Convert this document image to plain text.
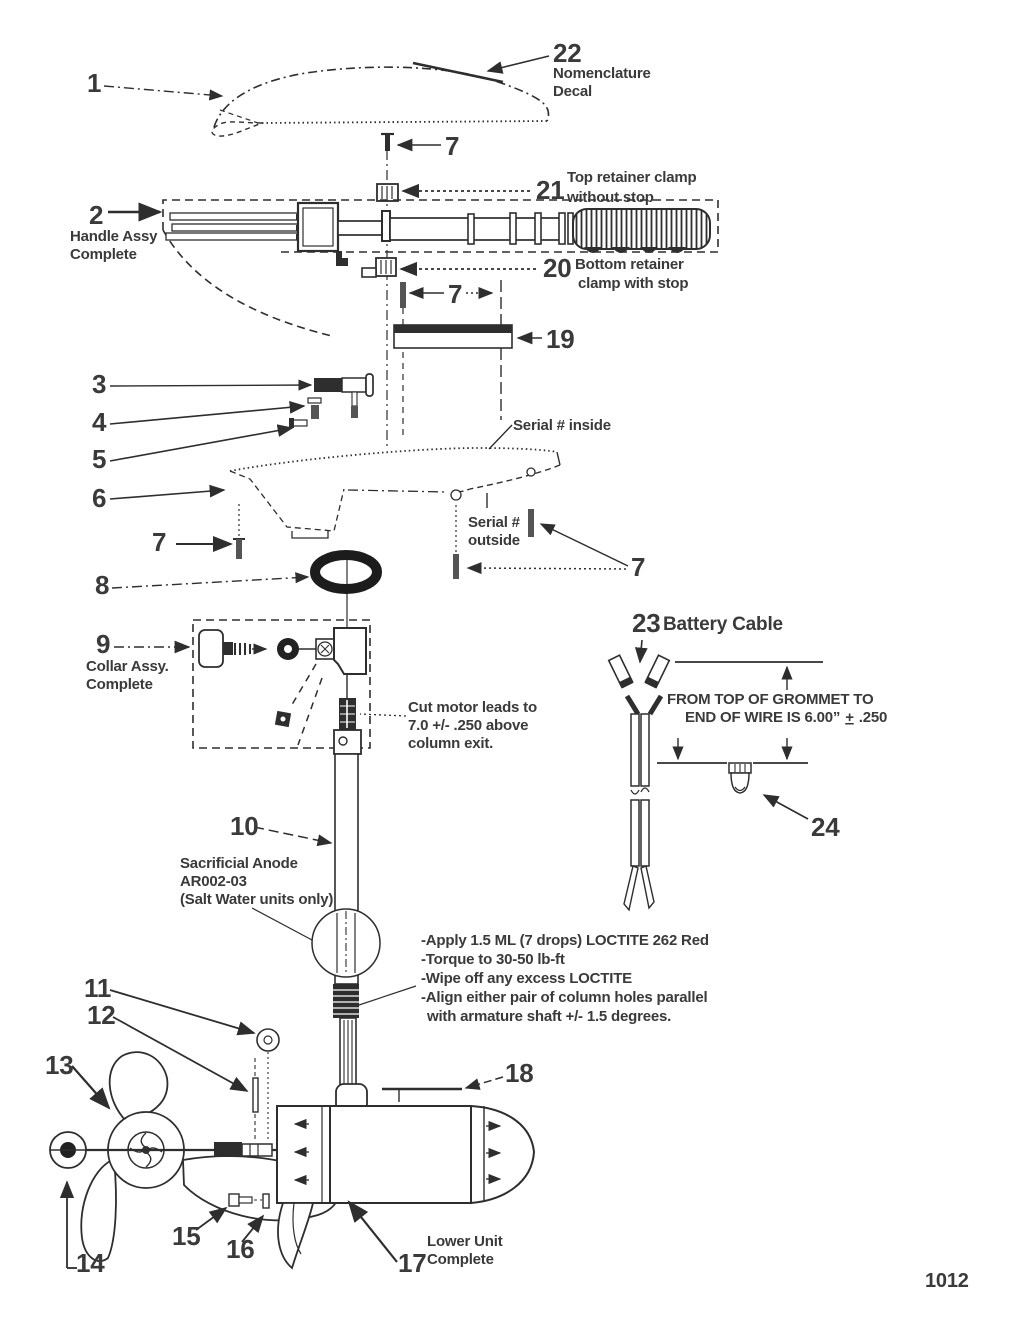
1
22
Nomenclature
Decal
7
21 Top retainer clamp
without stop
2
Handle Assy
Complete	20 Bottom retainer
clamp with stop
7
19
3
4
5
6
Serial # inside
7
Serial #
outside
7
8
23 Battery Cable
9
Collar Assy.
Complete
Cut motor leads to
7.0 +/- .250 above
column exit.
FROM TOP OF GROMMET TO
END OF WIRE IS 6.00” + .250
24
10
Sacrificial Anode
AR002-03
(Salt Water units only)
-Apply 1.5 ML (7 drops) LOCTITE 262 Red
-Torque to 30-50 lb-ft
-Wipe off any excess LOCTITE
-Align either pair of column holes parallel
with armature shaft +/- 1.5 degrees.
11
12
13	18
15 16
14	17
Lower Unit
Complete
1012
